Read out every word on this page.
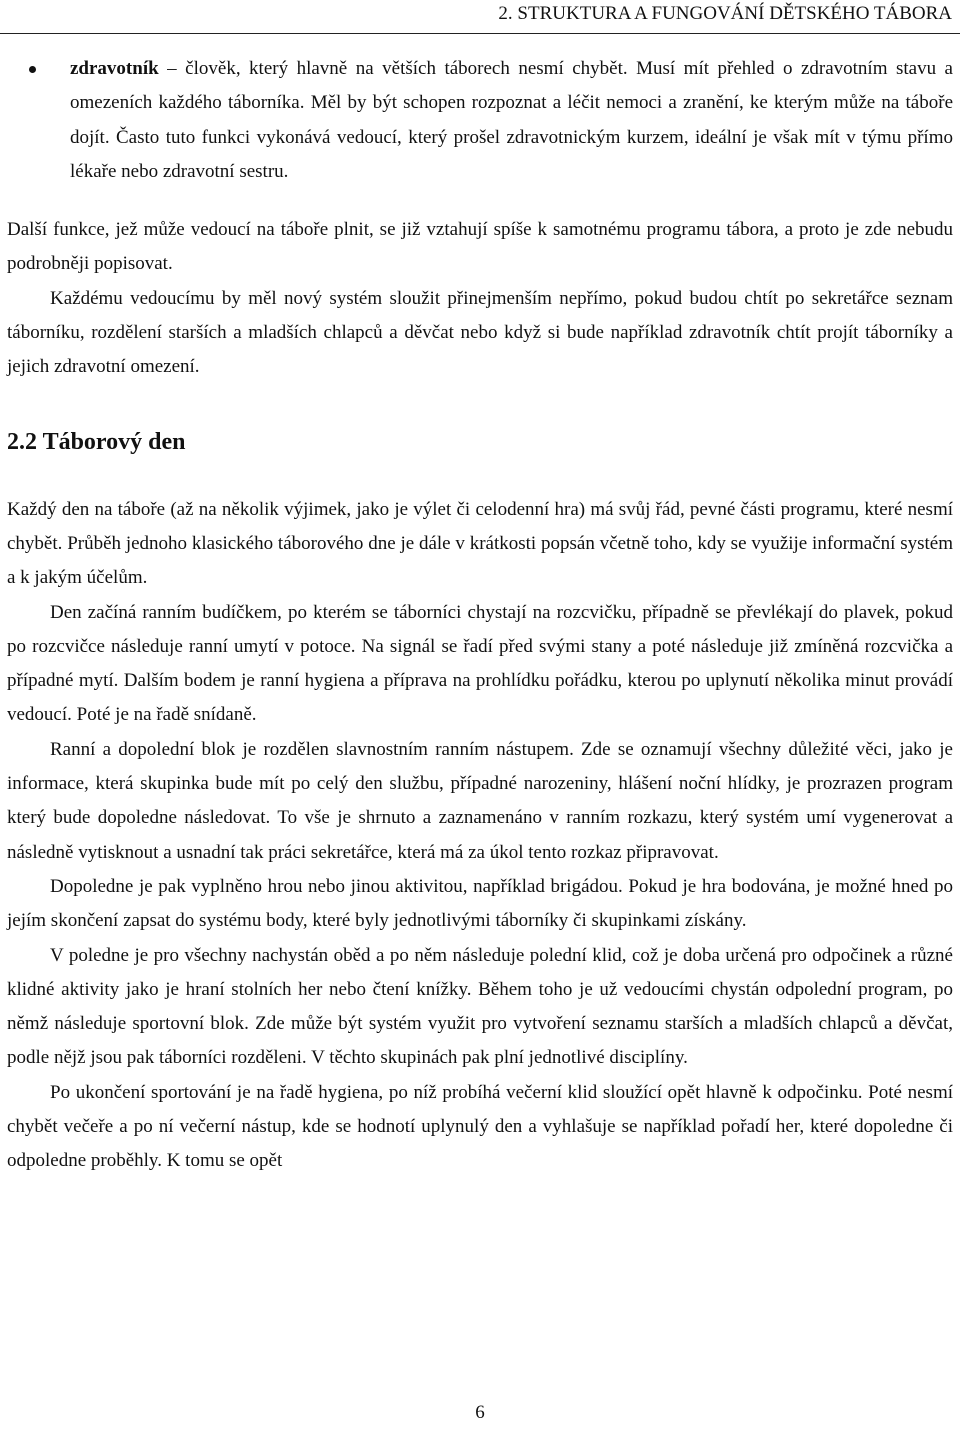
2. STRUKTURA A FUNGOVÁNÍ DĚTSKÉHO TÁBORA
zdravotník – člověk, který hlavně na větších táborech nesmí chybět. Musí mít přehled o zdravotním stavu a omezeních každého táborníka. Měl by být schopen rozpoznat a léčit nemoci a zranění, ke kterým může na táboře dojít. Často tuto funkci vykonává vedoucí, který prošel zdravotnickým kurzem, ideální je však mít v týmu přímo lékaře nebo zdravotní sestru.

Další funkce, jež může vedoucí na táboře plnit, se již vztahují spíše k samotnému programu tábora, a proto je zde nebudu podrobněji popisovat.

Každému vedoucímu by měl nový systém sloužit přinejmenším nepřímo, pokud budou chtít po sekretářce seznam táborníku, rozdělení starších a mladších chlapců a děvčat nebo když si bude například zdravotník chtít projít táborníky a jejich zdravotní omezení.

2.2 Táborový den

Každý den na táboře (až na několik výjimek, jako je výlet či celodenní hra) má svůj řád, pevné části programu, které nesmí chybět. Průběh jednoho klasického táborového dne je dále v krátkosti popsán včetně toho, kdy se využije informační systém a k jakým účelům.

Den začíná ranním budíčkem, po kterém se táborníci chystají na rozcvičku, případně se převlékají do plavek, pokud po rozcvičce následuje ranní umytí v potoce. Na signál se řadí před svými stany a poté následuje již zmíněná rozcvička a případné mytí. Dalším bodem je ranní hygiena a příprava na prohlídku pořádku, kterou po uplynutí několika minut provádí vedoucí. Poté je na řadě snídaně.

Ranní a dopolední blok je rozdělen slavnostním ranním nástupem. Zde se oznamují všechny důležité věci, jako je informace, která skupinka bude mít po celý den službu, případné narozeniny, hlášení noční hlídky, je prozrazen program který bude dopoledne následovat. To vše je shrnuto a zaznamenáno v ranním rozkazu, který systém umí vygenerovat a následně vytisknout a usnadní tak práci sekretářce, která má za úkol tento rozkaz připravovat.

Dopoledne je pak vyplněno hrou nebo jinou aktivitou, například brigádou. Pokud je hra bodována, je možné hned po jejím skončení zapsat do systému body, které byly jednotlivými táborníky či skupinkami získány.

V poledne je pro všechny nachystán oběd a po něm následuje polední klid, což je doba určená pro odpočinek a různé klidné aktivity jako je hraní stolních her nebo čtení knížky. Během toho je už vedoucími chystán odpolední program, po němž následuje sportovní blok. Zde může být systém využit pro vytvoření seznamu starších a mladších chlapců a děvčat, podle nějž jsou pak táborníci rozděleni. V těchto skupinách pak plní jednotlivé disciplíny.

Po ukončení sportování je na řadě hygiena, po níž probíhá večerní klid sloužící opět hlavně k odpočinku. Poté nesmí chybět večeře a po ní večerní nástup, kde se hodnotí uplynulý den a vyhlašuje se například pořadí her, které dopoledne či odpoledne proběhly. K tomu se opět

6
